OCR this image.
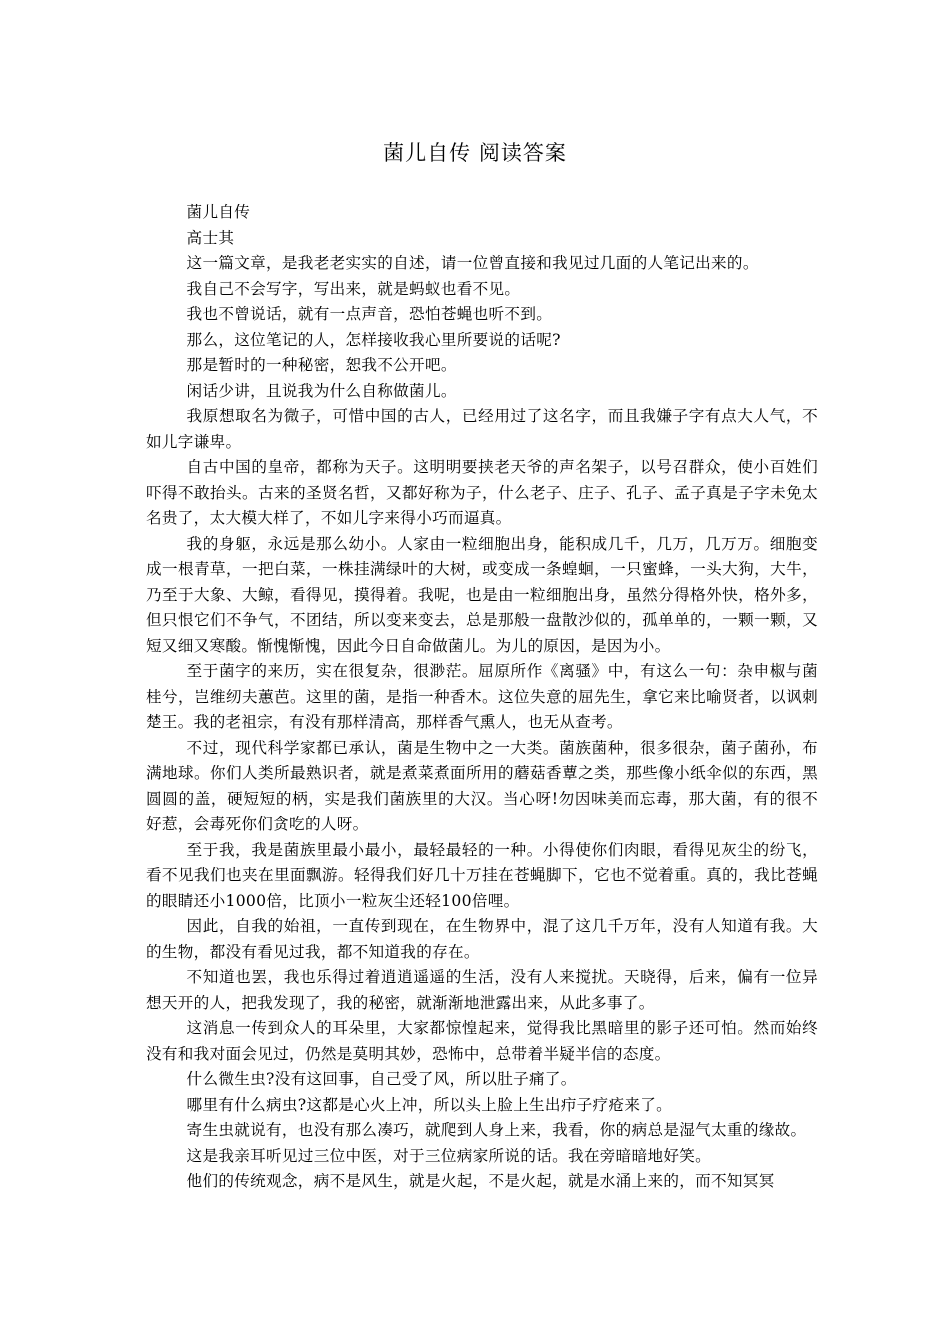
菌儿自传 阅读答案

菌儿自传

高士其

这一篇文章，是我老老实实的自述，请一位曾直接和我见过几面的人笔记出来的。

我自己不会写字，写出来，就是蚂蚁也看不见。

我也不曾说话，就有一点声音，恐怕苍蝇也听不到。

那么，这位笔记的人，怎样接收我心里所要说的话呢?

那是暂时的一种秘密，恕我不公开吧。

闲话少讲，且说我为什么自称做菌儿。

我原想取名为微子，可惜中国的古人，已经用过了这名字，而且我嫌子字有点大人气，不如儿字谦卑。

自古中国的皇帝，都称为天子。这明明要挟老天爷的声名架子，以号召群众，使小百姓们吓得不敢抬头。古来的圣贤名哲，又都好称为子，什么老子、庄子、孔子、孟子真是子字未免太名贵了，太大模大样了，不如儿字来得小巧而逼真。

我的身躯，永远是那么幼小。人家由一粒细胞出身，能积成几千，几万，几万万。细胞变成一根青草，一把白菜，一株挂满绿叶的大树，或变成一条蝗蛔，一只蜜蜂，一头大狗，大牛，乃至于大象、大鲸，看得见，摸得着。我呢，也是由一粒细胞出身，虽然分得格外快，格外多，但只恨它们不争气，不团结，所以变来变去，总是那般一盘散沙似的，孤单单的，一颗一颗，又短又细又寒酸。惭愧惭愧，因此今日自命做菌儿。为儿的原因，是因为小。

至于菌字的来历，实在很复杂，很渺茫。屈原所作《离骚》中，有这么一句：杂申椒与菌桂兮，岂维纫夫蕙芭。这里的菌，是指一种香木。这位失意的屈先生，拿它来比喻贤者，以讽刺楚王。我的老祖宗，有没有那样清高，那样香气熏人，也无从查考。

不过，现代科学家都已承认，菌是生物中之一大类。菌族菌种，很多很杂，菌子菌孙，布满地球。你们人类所最熟识者，就是煮菜煮面所用的蘑菇香蕈之类，那些像小纸伞似的东西，黑圆圆的盖，硬短短的柄，实是我们菌族里的大汉。当心呀!勿因味美而忘毒，那大菌，有的很不好惹，会毒死你们贪吃的人呀。

至于我，我是菌族里最小最小，最轻最轻的一种。小得使你们肉眼，看得见灰尘的纷飞，看不见我们也夹在里面飘游。轻得我们好几十万挂在苍蝇脚下，它也不觉着重。真的，我比苍蝇的眼睛还小1000倍，比顶小一粒灰尘还轻100倍哩。

因此，自我的始祖，一直传到现在，在生物界中，混了这几千万年，没有人知道有我。大的生物，都没有看见过我，都不知道我的存在。

不知道也罢，我也乐得过着逍逍遥遥的生活，没有人来搅扰。天晓得，后来，偏有一位异想天开的人，把我发现了，我的秘密，就渐渐地泄露出来，从此多事了。

这消息一传到众人的耳朵里，大家都惊惶起来，觉得我比黑暗里的影子还可怕。然而始终没有和我对面会见过，仍然是莫明其妙，恐怖中，总带着半疑半信的态度。

什么微生虫?没有这回事，自己受了风，所以肚子痛了。

哪里有什么病虫?这都是心火上冲，所以头上脸上生出疖子疗疮来了。

寄生虫就说有，也没有那么凑巧，就爬到人身上来，我看，你的病总是湿气太重的缘故。

这是我亲耳听见过三位中医，对于三位病家所说的话。我在旁暗暗地好笑。

他们的传统观念，病不是风生，就是火起，不是火起，就是水涌上来的，而不知冥冥
